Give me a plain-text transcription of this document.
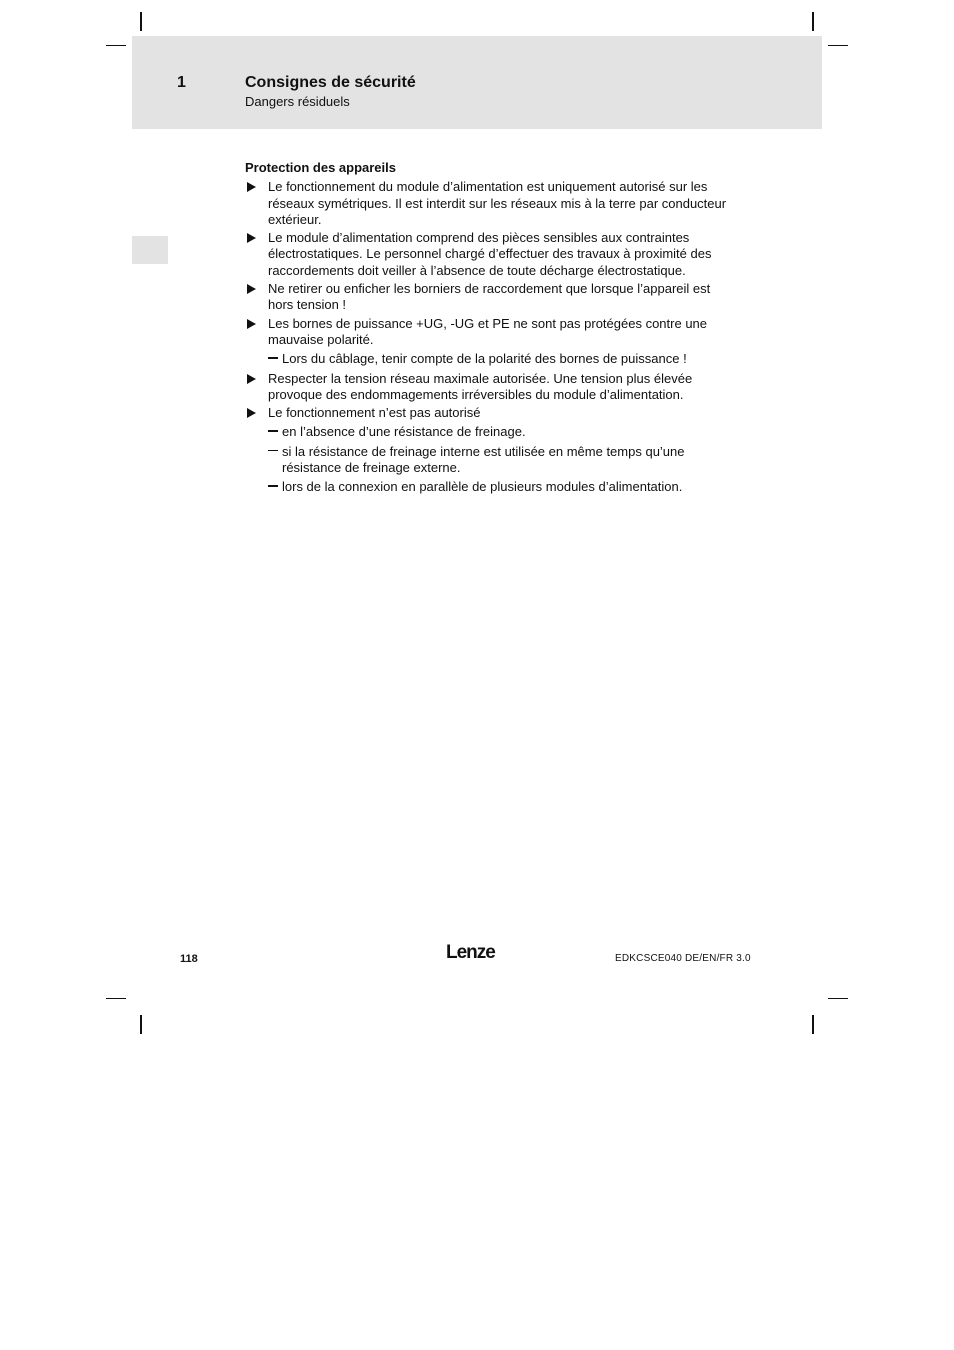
1	Consignes de sécurité
Dangers résiduels
Protection des appareils
Le fonctionnement du module d’alimentation est uniquement autorisé sur les réseaux symétriques. Il est interdit sur les réseaux mis à la terre par conducteur extérieur.
Le module d’alimentation comprend des pièces sensibles aux contraintes électrostatiques. Le personnel chargé d’effectuer des travaux à proximité des raccordements doit veiller à l’absence de toute décharge électrostatique.
Ne retirer ou enficher les borniers de raccordement que lorsque l’appareil est hors tension !
Les bornes de puissance +UG, -UG et PE ne sont pas protégées contre une mauvaise polarité.
Lors du câblage, tenir compte de la polarité des bornes de puissance !
Respecter la tension réseau maximale autorisée. Une tension plus élevée provoque des endommagements irréversibles du module d’alimentation.
Le fonctionnement n’est pas autorisé
en l’absence d’une résistance de freinage.
si la résistance de freinage interne est utilisée en même temps qu’une résistance de freinage externe.
lors de la connexion en parallèle de plusieurs modules d’alimentation.
118	Lenze	EDKCSCE040 DE/EN/FR 3.0
